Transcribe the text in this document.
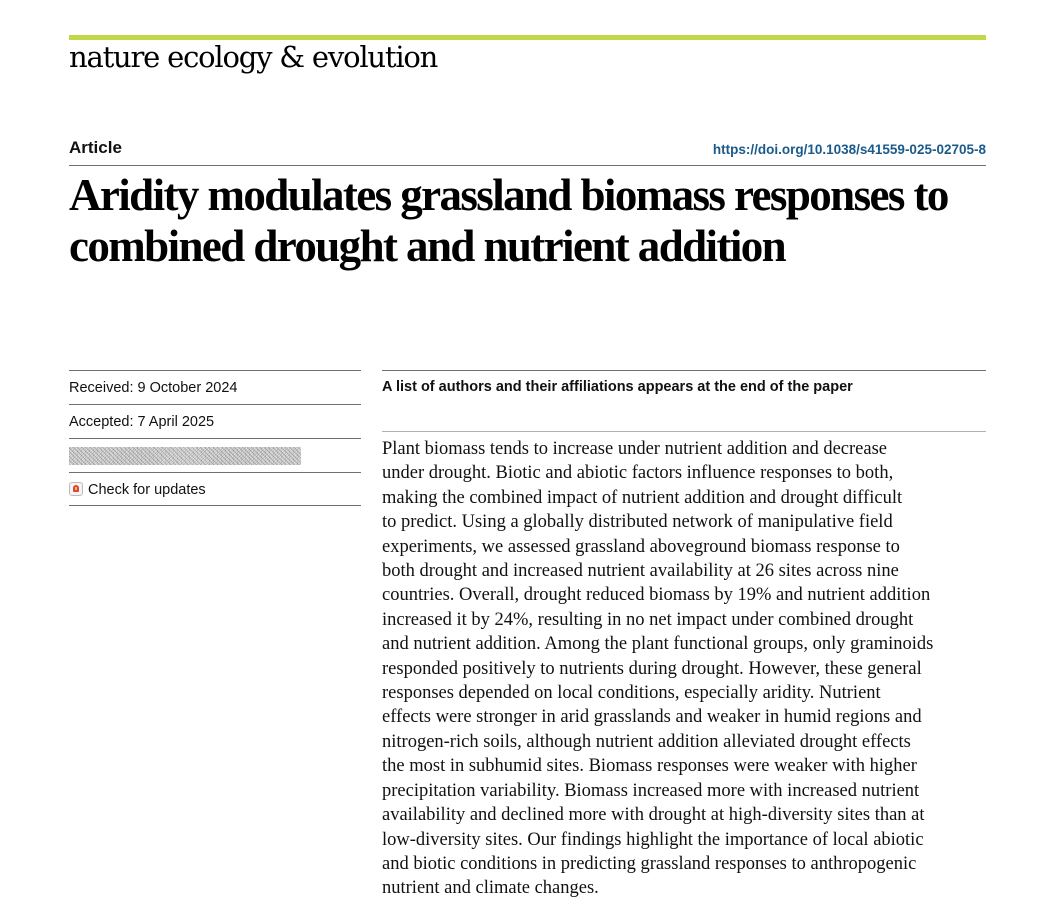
nature ecology & evolution
Article	https://doi.org/10.1038/s41559-025-02705-8
Aridity modulates grassland biomass responses to combined drought and nutrient addition
Received: 9 October 2024
Accepted: 7 April 2025
Check for updates
A list of authors and their affiliations appears at the end of the paper

Plant biomass tends to increase under nutrient addition and decrease
under drought. Biotic and abiotic factors influence responses to both,
making the combined impact of nutrient addition and drought difficult
to predict. Using a globally distributed network of manipulative field
experiments, we assessed grassland aboveground biomass response to
both drought and increased nutrient availability at 26 sites across nine
countries. Overall, drought reduced biomass by 19% and nutrient addition
increased it by 24%, resulting in no net impact under combined drought
and nutrient addition. Among the plant functional groups, only graminoids
responded positively to nutrients during drought. However, these general
responses depended on local conditions, especially aridity. Nutrient
effects were stronger in arid grasslands and weaker in humid regions and
nitrogen-rich soils, although nutrient addition alleviated drought effects
the most in subhumid sites. Biomass responses were weaker with higher
precipitation variability. Biomass increased more with increased nutrient
availability and declined more with drought at high-diversity sites than at
low-diversity sites. Our findings highlight the importance of local abiotic
and biotic conditions in predicting grassland responses to anthropogenic
nutrient and climate changes.
